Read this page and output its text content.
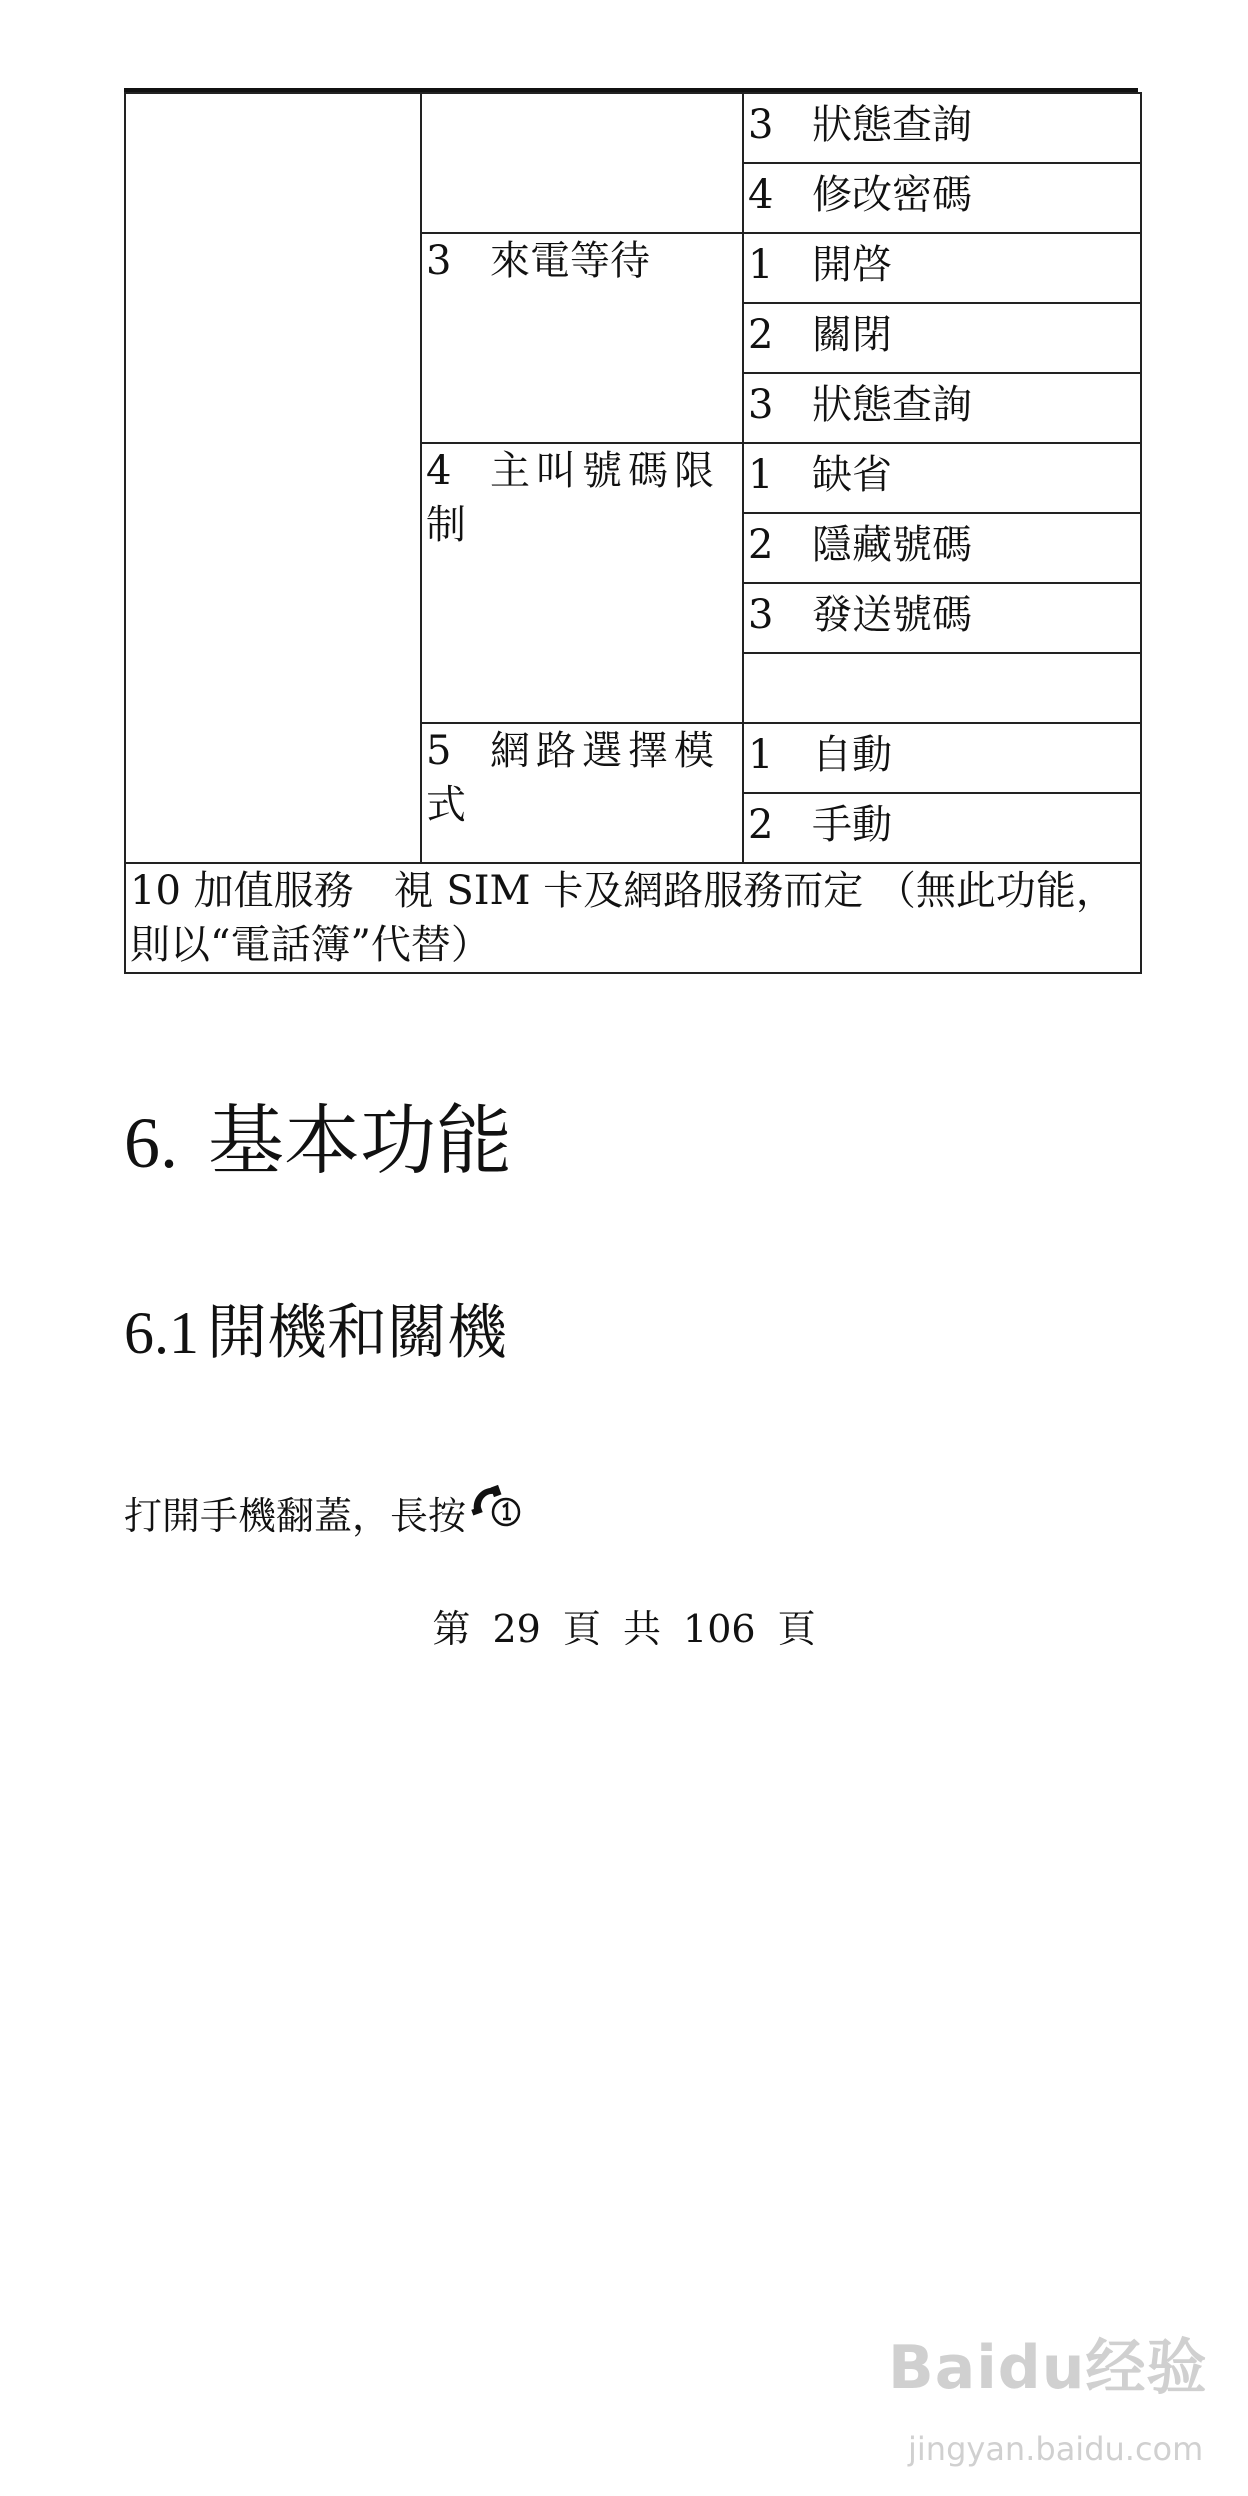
		3 狀態查詢
		4 修改密碼
	3 來電等待	1 開啓
		2 關閉
		3 狀態查詢
	4 主叫號碼限制	1 缺省
		2 隱藏號碼
		3 發送號碼

	5 網路選擇模式	1 自動
		2 手動
10 加值服務　視 SIM 卡及網路服務而定 （無此功能，則以“電話簿”代替）		
6. 基本功能
6.1 開機和關機
打開手機翻蓋，長按
第 29 頁 共 106 頁
Baidu经验
jingyan.baidu.com
